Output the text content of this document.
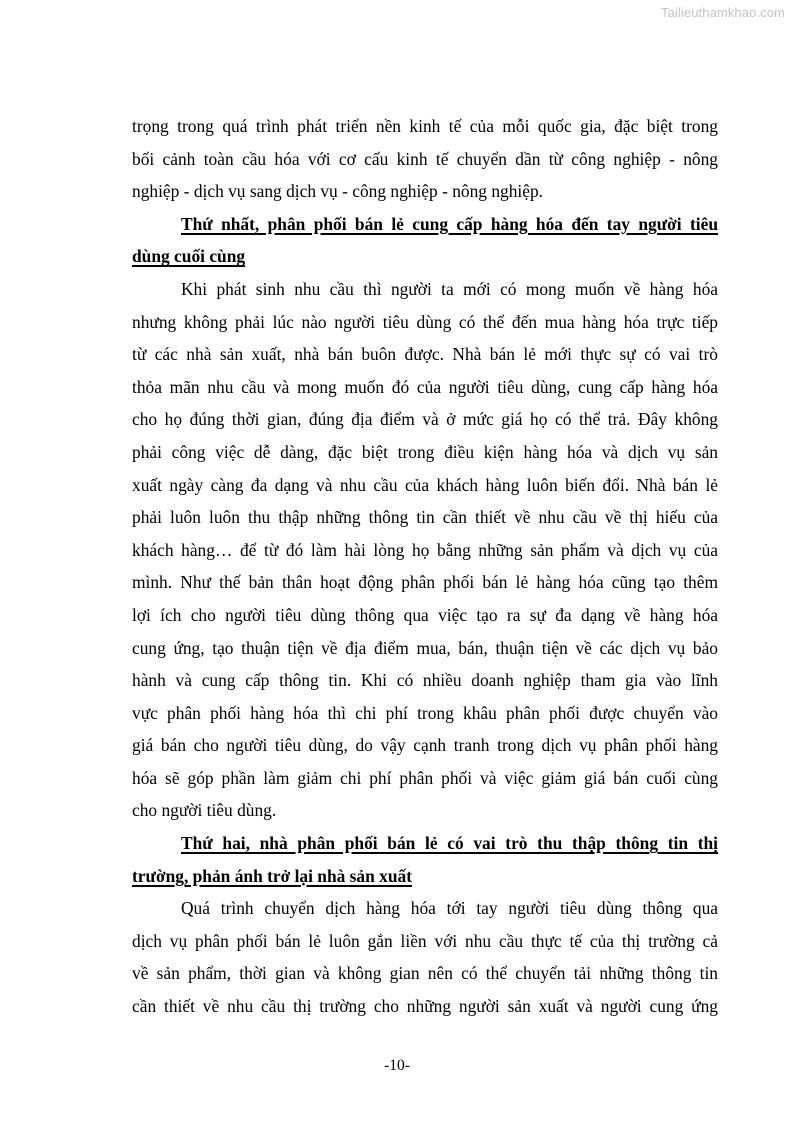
Tailieuthamkhao.com
trọng trong quá trình phát triển nền kinh tế của mỗi quốc gia, đặc biệt trong
bối cảnh toàn cầu hóa với cơ cấu kinh tế chuyển dần từ công nghiệp - nông
nghiệp - dịch vụ sang dịch vụ - công nghiệp - nông nghiệp.
Thứ nhất, phân phối bán lẻ cung cấp hàng hóa đến tay người tiêu
dùng cuối cùng
Khi phát sinh nhu cầu thì người ta mới có mong muốn về hàng hóa
nhưng không phải lúc nào người tiêu dùng có thể đến mua hàng hóa trực tiếp
từ các nhà sản xuất, nhà bán buôn được. Nhà bán lẻ mới thực sự có vai trò
thỏa mãn nhu cầu và mong muốn đó của người tiêu dùng, cung cấp hàng hóa
cho họ đúng thời gian, đúng địa điểm và ở mức giá họ có thể trả. Đây không
phải công việc dễ dàng, đặc biệt trong điều kiện hàng hóa và dịch vụ sản
xuất ngày càng đa dạng và nhu cầu của khách hàng luôn biến đổi. Nhà bán lẻ
phải luôn luôn thu thập những thông tin cần thiết về nhu cầu về thị hiếu của
khách hàng… để từ đó làm hài lòng họ bằng những sản phẩm và dịch vụ của
mình. Như thế bản thân hoạt động phân phối bán lẻ hàng hóa cũng tạo thêm
lợi ích cho người tiêu dùng thông qua việc tạo ra sự đa dạng về hàng hóa
cung ứng, tạo thuận tiện về địa điểm mua, bán, thuận tiện về các dịch vụ bảo
hành và cung cấp thông tin. Khi có nhiều doanh nghiệp tham gia vào lĩnh
vực phân phối hàng hóa thì chi phí trong khâu phân phối được chuyển vào
giá bán cho người tiêu dùng, do vậy cạnh tranh trong dịch vụ phân phối hàng
hóa sẽ góp phần làm giảm chi phí phân phối và việc giảm giá bán cuối cùng
cho người tiêu dùng.
Thứ hai, nhà phân phối bán lẻ có vai trò thu thập thông tin thị
trường, phản ánh trở lại nhà sản xuất
Quá trình chuyển dịch hàng hóa tới tay người tiêu dùng thông qua
dịch vụ phân phối bán lẻ luôn gắn liền với nhu cầu thực tế của thị trường cả
về sản phẩm, thời gian và không gian nên có thể chuyển tải những thông tin
cần thiết về nhu cầu thị trường cho những người sản xuất và người cung ứng
-10-
